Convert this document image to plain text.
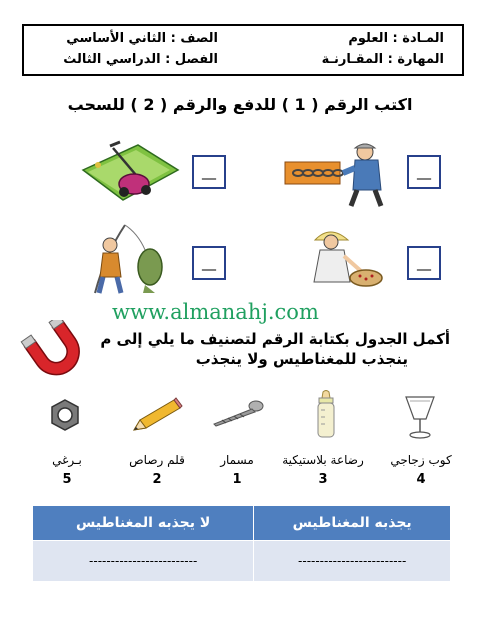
المـادة : العلوم
المهارة : المقـارنـة
الصف : الثاني الأساسي
الفصل : الدراسي الثالث
اكتب الرقم ( 1 ) للدفع والرقم ( 2 ) للسحب
__	__
__	__
www.almanahj.com
أكمل الجدول بكتابة الرقم لتصنيف ما يلي إلى م
ينجذب للمغناطيس ولا ينجذب
كوب زجاجي
4
رضاعة بلاستيكية
3
مسمار
1
قلم رصاص
2
بـرغي
5
لا يجذبه المغناطيس	يجذبه المغناطيس
-------------------------	-------------------------
